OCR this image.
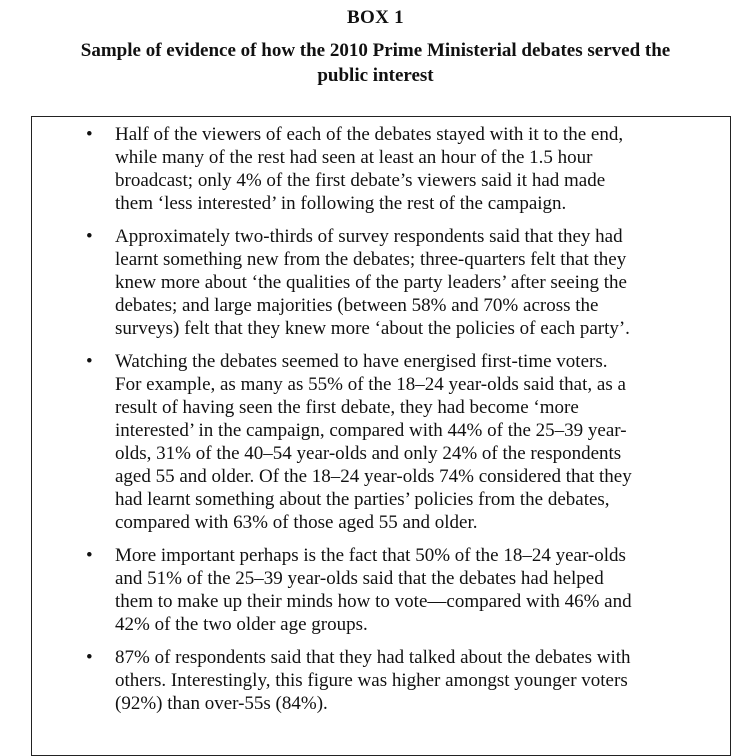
BOX 1
Sample of evidence of how the 2010 Prime Ministerial debates served the
public interest
• Half of the viewers of each of the debates stayed with it to the end,
while many of the rest had seen at least an hour of the 1.5 hour
broadcast; only 4% of the first debate’s viewers said it had made
them ‘less interested’ in following the rest of the campaign.
• Approximately two-thirds of survey respondents said that they had
learnt something new from the debates; three-quarters felt that they
knew more about ‘the qualities of the party leaders’ after seeing the
debates; and large majorities (between 58% and 70% across the
surveys) felt that they knew more ‘about the policies of each party’.
• Watching the debates seemed to have energised first-time voters.
For example, as many as 55% of the 18–24 year-olds said that, as a
result of having seen the first debate, they had become ‘more
interested’ in the campaign, compared with 44% of the 25–39 year-
olds, 31% of the 40–54 year-olds and only 24% of the respondents
aged 55 and older. Of the 18–24 year-olds 74% considered that they
had learnt something about the parties’ policies from the debates,
compared with 63% of those aged 55 and older.
• More important perhaps is the fact that 50% of the 18–24 year-olds
and 51% of the 25–39 year-olds said that the debates had helped
them to make up their minds how to vote—compared with 46% and
42% of the two older age groups.
• 87% of respondents said that they had talked about the debates with
others. Interestingly, this figure was higher amongst younger voters
(92%) than over-55s (84%).
